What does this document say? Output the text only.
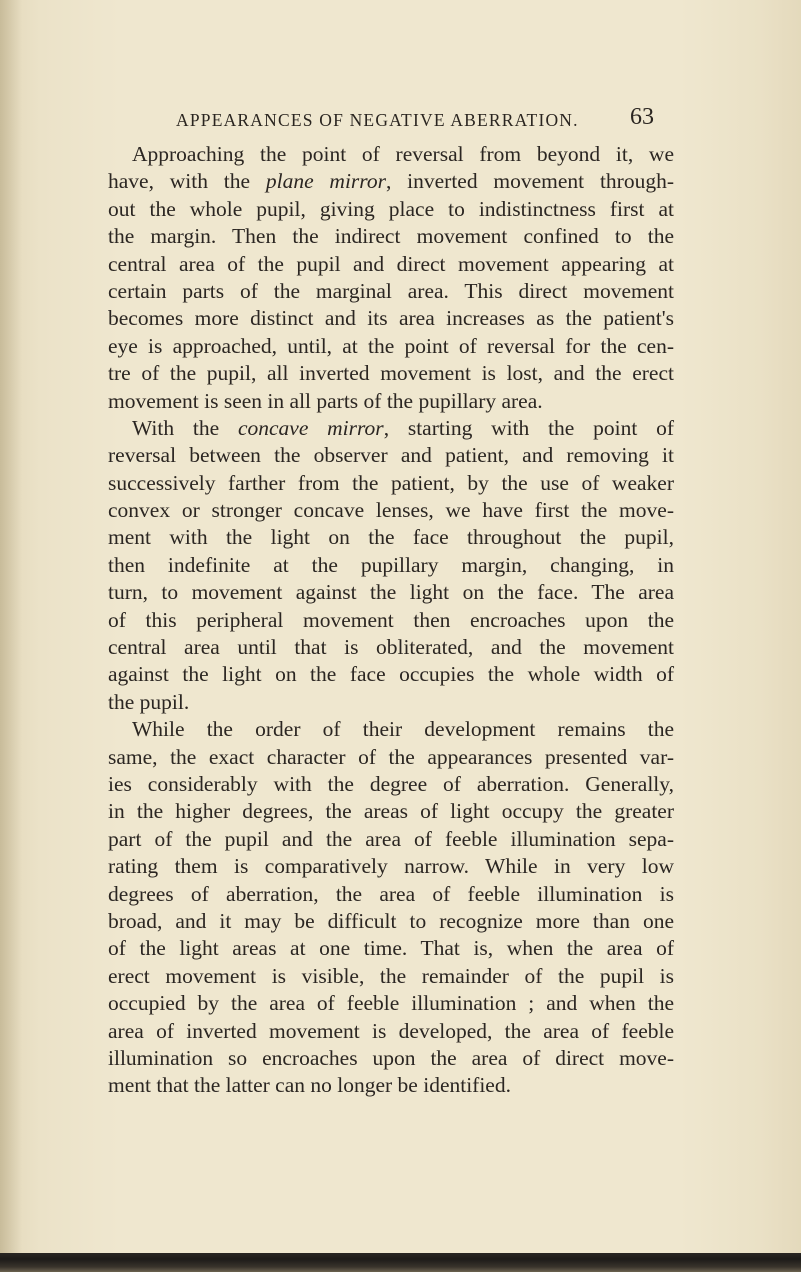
APPEARANCES OF NEGATIVE ABERRATION. 63
Approaching the point of reversal from beyond it, we
have, with the plane mirror, inverted movement through-
out the whole pupil, giving place to indistinctness first at
the margin. Then the indirect movement confined to the
central area of the pupil and direct movement appearing at
certain parts of the marginal area. This direct movement
becomes more distinct and its area increases as the patient's
eye is approached, until, at the point of reversal for the cen-
tre of the pupil, all inverted movement is lost, and the erect
movement is seen in all parts of the pupillary area.
With the concave mirror, starting with the point of
reversal between the observer and patient, and removing it
successively farther from the patient, by the use of weaker
convex or stronger concave lenses, we have first the move-
ment with the light on the face throughout the pupil,
then indefinite at the pupillary margin, changing, in
turn, to movement against the light on the face. The area
of this peripheral movement then encroaches upon the
central area until that is obliterated, and the movement
against the light on the face occupies the whole width of
the pupil.
While the order of their development remains the
same, the exact character of the appearances presented var-
ies considerably with the degree of aberration. Generally,
in the higher degrees, the areas of light occupy the greater
part of the pupil and the area of feeble illumination sepa-
rating them is comparatively narrow. While in very low
degrees of aberration, the area of feeble illumination is
broad, and it may be difficult to recognize more than one
of the light areas at one time. That is, when the area of
erect movement is visible, the remainder of the pupil is
occupied by the area of feeble illumination ; and when the
area of inverted movement is developed, the area of feeble
illumination so encroaches upon the area of direct move-
ment that the latter can no longer be identified.
